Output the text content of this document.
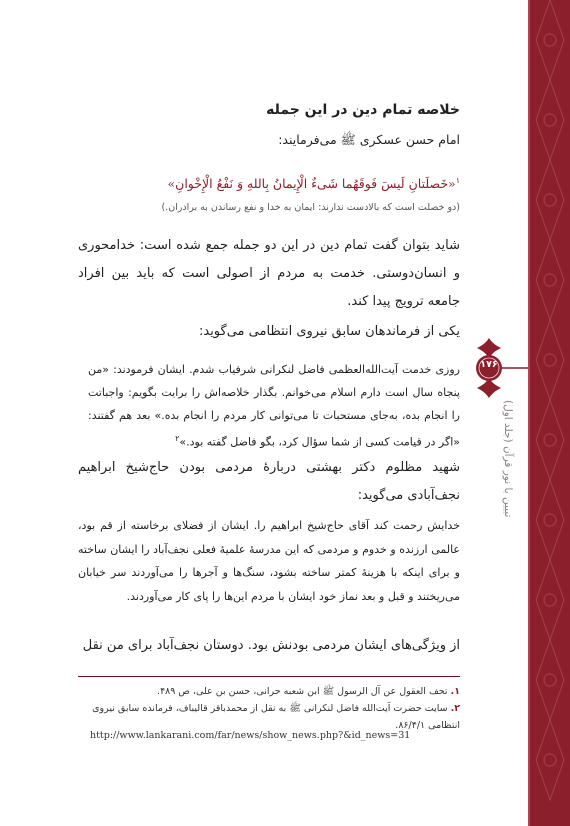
۱۷۶
تبیین با نور قرآن (جلد اول)
خلاصه تمام دین در این جمله
امام حسن عسکری ﷺ می‌فرمایند:
$^۱$«خَصلَتانِ لَیسَ فَوقَهُما شَیءٌ الْإِیمانُ بِاللهِ وَ نَفْعُ الْإِخْوانِ»
(دو خصلت است که بالادست ندارند: ایمان به خدا و نفع رساندن به برادران.)
شاید بتوان گفت تمام دین در این دو جمله جمع شده است: خدامحوری و انسان‌دوستی. خدمت به مردم از اصولی است که باید بین افراد جامعه ترویج پیدا کند.
یکی از فرماندهان سابق نیروی انتظامی می‌گوید:
روزی خدمت آیت‌الله‌العظمی فاضل لنکرانی شرفیاب شدم. ایشان فرمودند: «من پنجاه سال است دارم اسلام می‌خوانم. بگذار خلاصه‌اش را برایت بگویم: واجباتت را انجام بده، به‌جای مستحبات تا می‌توانی کار مردم را انجام بده.» بعد هم گفتند: «اگر در قیامت کسی از شما سؤال کرد، بگو فاضل گفته بود.»$^۲$
شهید مظلوم دکتر بهشتی دربارهٔ مردمی بودن حاج‌شیخ ابراهیم نجف‌آبادی می‌گوید:
خدایش رحمت کند آقای حاج‌شیخ ابراهیم را. ایشان از فضلای برخاسته از قم بود، عالمی ارزنده و خدوم و مردمی که این مدرسهٔ علمیهٔ فعلی نجف‌آباد را ایشان ساخته و برای اینکه با هزینهٔ کمتر ساخته بشود، سنگ‌ها و آجرها را می‌آوردند سر خیابان می‌ریختند و قبل و بعد نماز خود ایشان با مردم این‌ها را پای کار می‌آوردند.
از ویژگی‌های ایشان مردمی بودنش بود. دوستان نجف‌آباد برای من نقل
۱.تحف العقول عن آل الرسول ﷺ ابن شعبه حرانی، حسن بن علی، ص ۴۸۹.
۲.سایت حضرت آیت‌الله فاضل لنکرانی ﷺ به نقل از محمدباقر قالیباف، فرمانده سابق نیروی انتظامی ۸۶/۴/۱.
http://www.lankarani.com/far/news/show_news.php?&id_news=31
